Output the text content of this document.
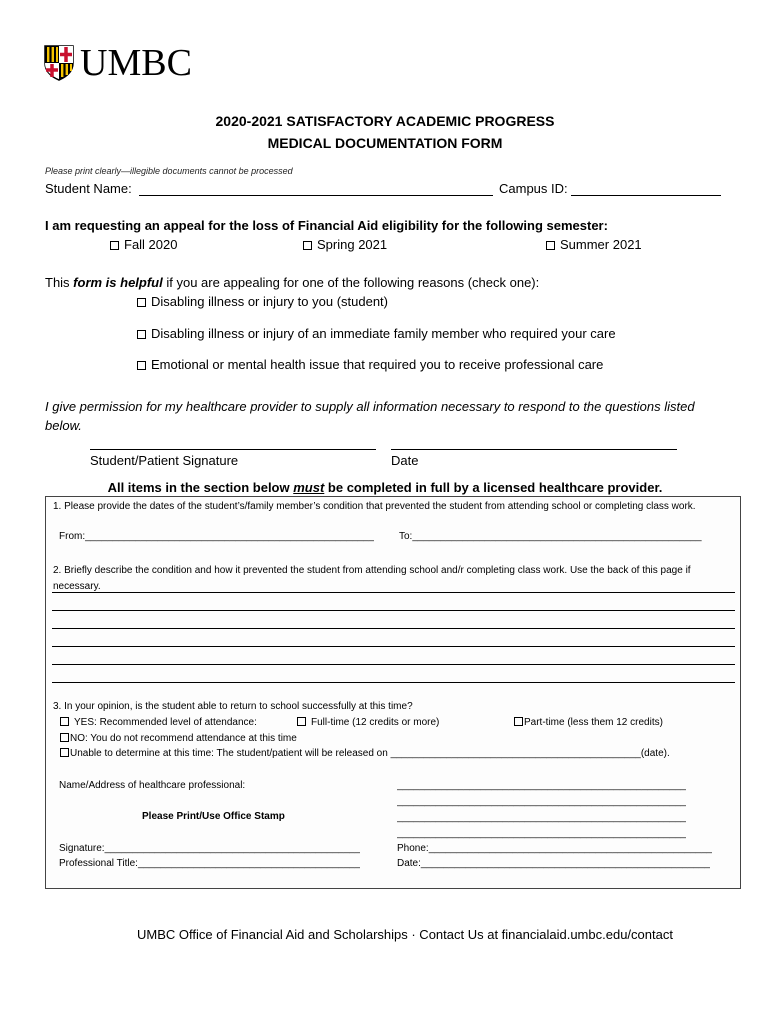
UMBC
2020-2021 SATISFACTORY ACADEMIC PROGRESS
MEDICAL DOCUMENTATION FORM
Please print clearly—illegible documents cannot be processed
Student Name:	Campus ID:
I am requesting an appeal for the loss of Financial Aid eligibility for the following semester:
Fall 2020	Spring 2021	Summer 2021
This form is helpful if you are appealing for one of the following reasons (check one):
Disabling illness or injury to you (student)
Disabling illness or injury of an immediate family member who required your care
Emotional or mental health issue that required you to receive professional care
I give permission for my healthcare provider to supply all information necessary to respond to the questions listed below.
Student/Patient Signature	Date
All items in the section below must be completed in full by a licensed healthcare provider.
1. Please provide the dates of the student’s/family member’s condition that prevented the student from attending school or completing class work.
From:____________________________________________________ To:____________________________________________________
2. Briefly describe the condition and how it prevented the student from attending school and/r completing class work. Use the back of this page if necessary.
3. In your opinion, is the student able to return to school successfully at this time?
YES: Recommended level of attendance:	Full-time (12 credits or more)	Part-time (less them 12 credits)
NO: You do not recommend attendance at this time
Unable to determine at this time: The student/patient will be released on _____________________________________________(date).
Name/Address of healthcare professional:
Please Print/Use Office Stamp
____________________________________________________
____________________________________________________
____________________________________________________
____________________________________________________
Signature:______________________________________________
Professional Title:________________________________________
Phone:___________________________________________________
Date:____________________________________________________
UMBC Office of Financial Aid and Scholarships · Contact Us at financialaid.umbc.edu/contact
